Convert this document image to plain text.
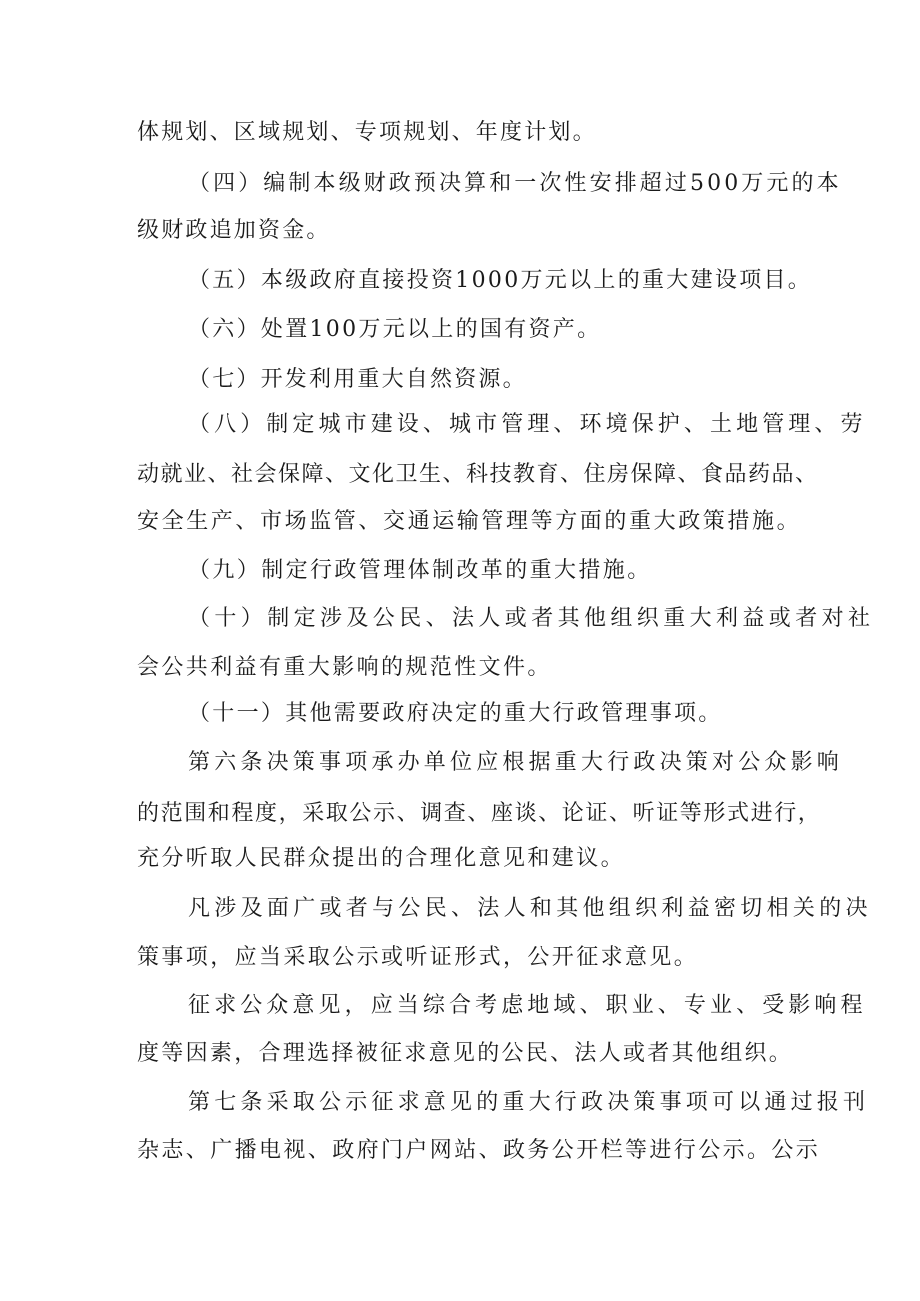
体规划、区域规划、专项规划、年度计划。
（四）编制本级财政预决算和一次性安排超过500万元的本
级财政追加资金。
（五）本级政府直接投资1000万元以上的重大建设项目。
（六）处置100万元以上的国有资产。
（七）开发利用重大自然资源。
（八）制定城市建设、城市管理、环境保护、土地管理、劳
动就业、社会保障、文化卫生、科技教育、住房保障、食品药品、
安全生产、市场监管、交通运输管理等方面的重大政策措施。
（九）制定行政管理体制改革的重大措施。
（十）制定涉及公民、法人或者其他组织重大利益或者对社
会公共利益有重大影响的规范性文件。
（十一）其他需要政府决定的重大行政管理事项。
第六条决策事项承办单位应根据重大行政决策对公众影响
的范围和程度，采取公示、调查、座谈、论证、听证等形式进行，
充分听取人民群众提出的合理化意见和建议。
凡涉及面广或者与公民、法人和其他组织利益密切相关的决
策事项，应当采取公示或听证形式，公开征求意见。
征求公众意见，应当综合考虑地域、职业、专业、受影响程
度等因素，合理选择被征求意见的公民、法人或者其他组织。
第七条采取公示征求意见的重大行政决策事项可以通过报刊
杂志、广播电视、政府门户网站、政务公开栏等进行公示。公示
